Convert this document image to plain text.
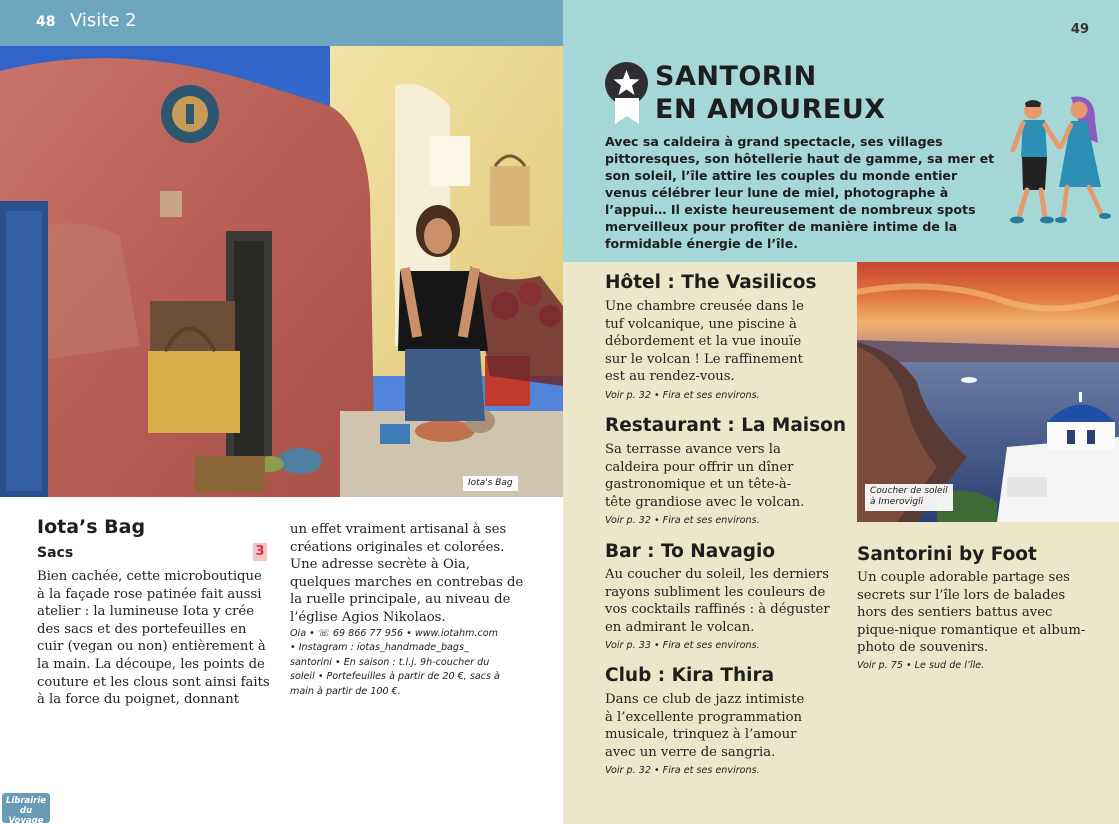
48 Visite 2
Iota's Bag
Iota’s Bag
Sacs	3
Bien cachée, cette microboutique à la façade rose patinée fait aussi atelier : la lumineuse Iota y crée des sacs et des portefeuilles en cuir (vegan ou non) entièrement à la main. La découpe, les points de couture et les clous sont ainsi faits à la force du poignet, donnant
un effet vraiment artisanal à ses créations originales et colorées. Une adresse secrète à Oia, quelques marches en contrebas de la ruelle principale, au niveau de l’église Agios Nikolaos.
Oia • ☏ 69 866 77 956 • www.iotahm.com
• Instagram : iotas_handmade_bags_
santorini • En saison : t.l.j. 9h-coucher du
soleil • Portefeuilles à partir de 20 €, sacs à
main à partir de 100 €.
Librairie
du Voyage
49
SANTORIN
EN AMOUREUX
Avec sa caldeira à grand spectacle, ses villages pittoresques, son hôtellerie haut de gamme, sa mer et son soleil, l’île attire les couples du monde entier venus célébrer leur lune de miel, photographe à l’appui… Il existe heureusement de nombreux spots merveilleux pour profiter de manière intime de la formidable énergie de l’île.
Hôtel : The Vasilicos
Une chambre creusée dans le tuf volcanique, une piscine à débordement et la vue inouïe sur le volcan ! Le raffinement est au rendez-vous.
Voir p. 32 • Fira et ses environs.
Restaurant : La Maison
Sa terrasse avance vers la caldeira pour offrir un dîner gastronomique et un tête-à-tête grandiose avec le volcan.
Voir p. 32 • Fira et ses environs.
Bar : To Navagio
Au coucher du soleil, les derniers rayons subliment les couleurs de vos cocktails raffinés : à déguster en admirant le volcan.
Voir p. 33 • Fira et ses environs.
Club : Kira Thira
Dans ce club de jazz intimiste à l’excellente programmation musicale, trinquez à l’amour avec un verre de sangria.
Voir p. 32 • Fira et ses environs.
Coucher de soleil
à Imerovigli
Santorini by Foot
Un couple adorable partage ses secrets sur l’île lors de balades hors des sentiers battus avec pique-nique romantique et album-photo de souvenirs.
Voir p. 75 • Le sud de l’île.
